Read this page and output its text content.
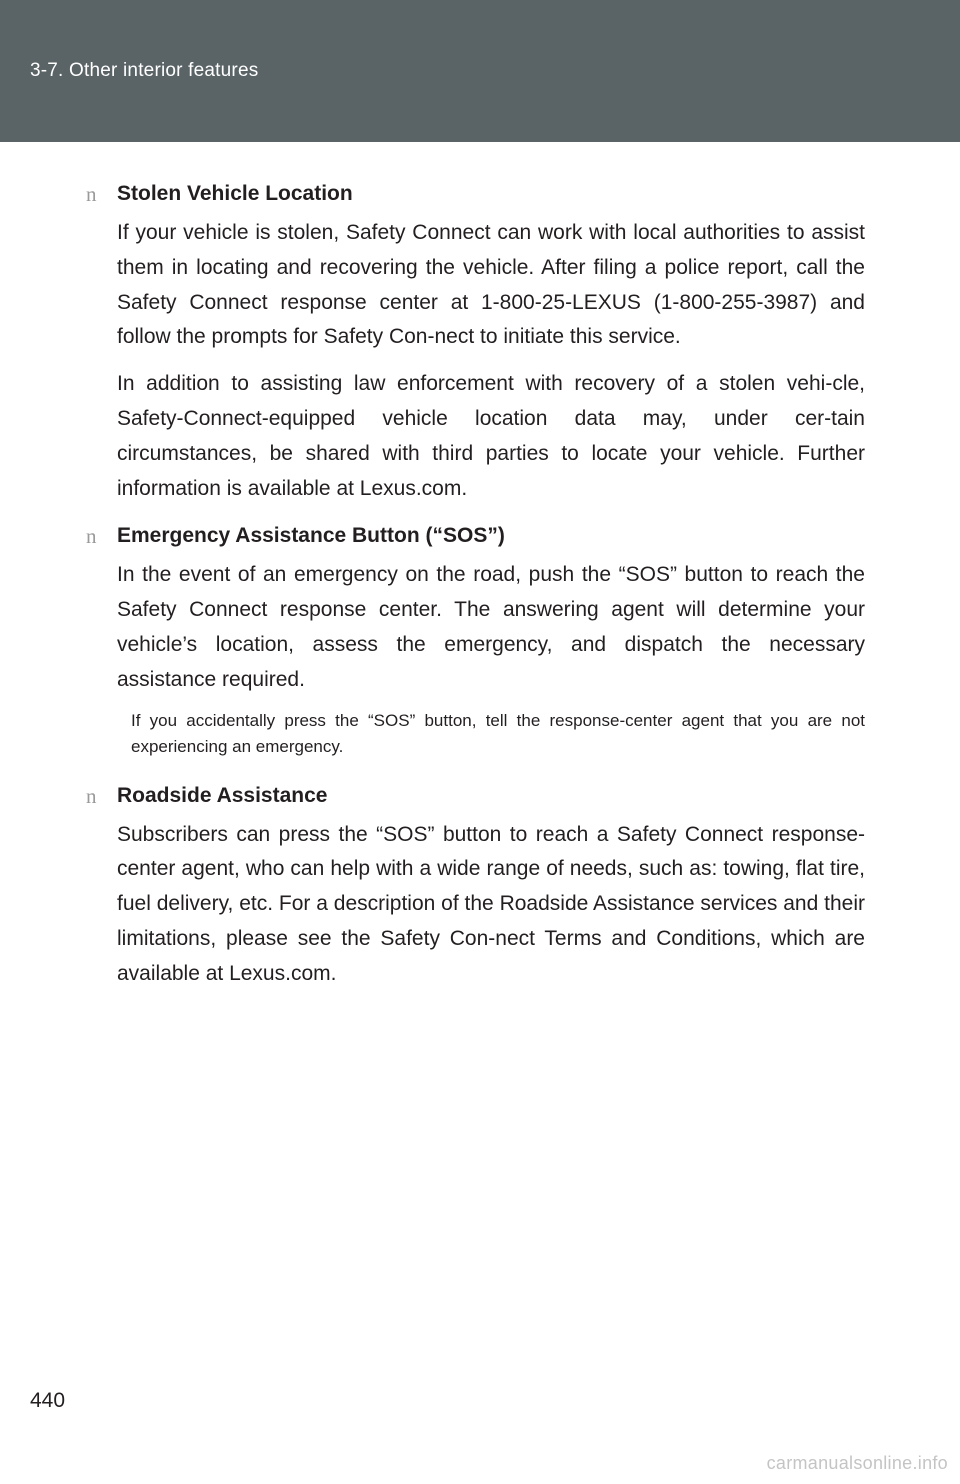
3-7. Other interior features
n Stolen Vehicle Location

If your vehicle is stolen, Safety Connect can work with local authorities to assist them in locating and recovering the vehicle. After filing a police report, call the Safety Connect response center at 1-800-25-LEXUS (1-800-255-3987) and follow the prompts for Safety Con-nect to initiate this service.

In addition to assisting law enforcement with recovery of a stolen vehi-cle, Safety-Connect-equipped vehicle location data may, under cer-tain circumstances, be shared with third parties to locate your vehicle. Further information is available at Lexus.com.

n Emergency Assistance Button (“SOS”)

In the event of an emergency on the road, push the “SOS” button to reach the Safety Connect response center. The answering agent will determine your vehicle’s location, assess the emergency, and dispatch the necessary assistance required.

If you accidentally press the “SOS” button, tell the response-center agent that you are not experiencing an emergency.

n Roadside Assistance

Subscribers can press the “SOS” button to reach a Safety Connect response-center agent, who can help with a wide range of needs, such as: towing, flat tire, fuel delivery, etc. For a description of the Roadside Assistance services and their limitations, please see the Safety Con-nect Terms and Conditions, which are available at Lexus.com.

440
carmanualsonline.info
